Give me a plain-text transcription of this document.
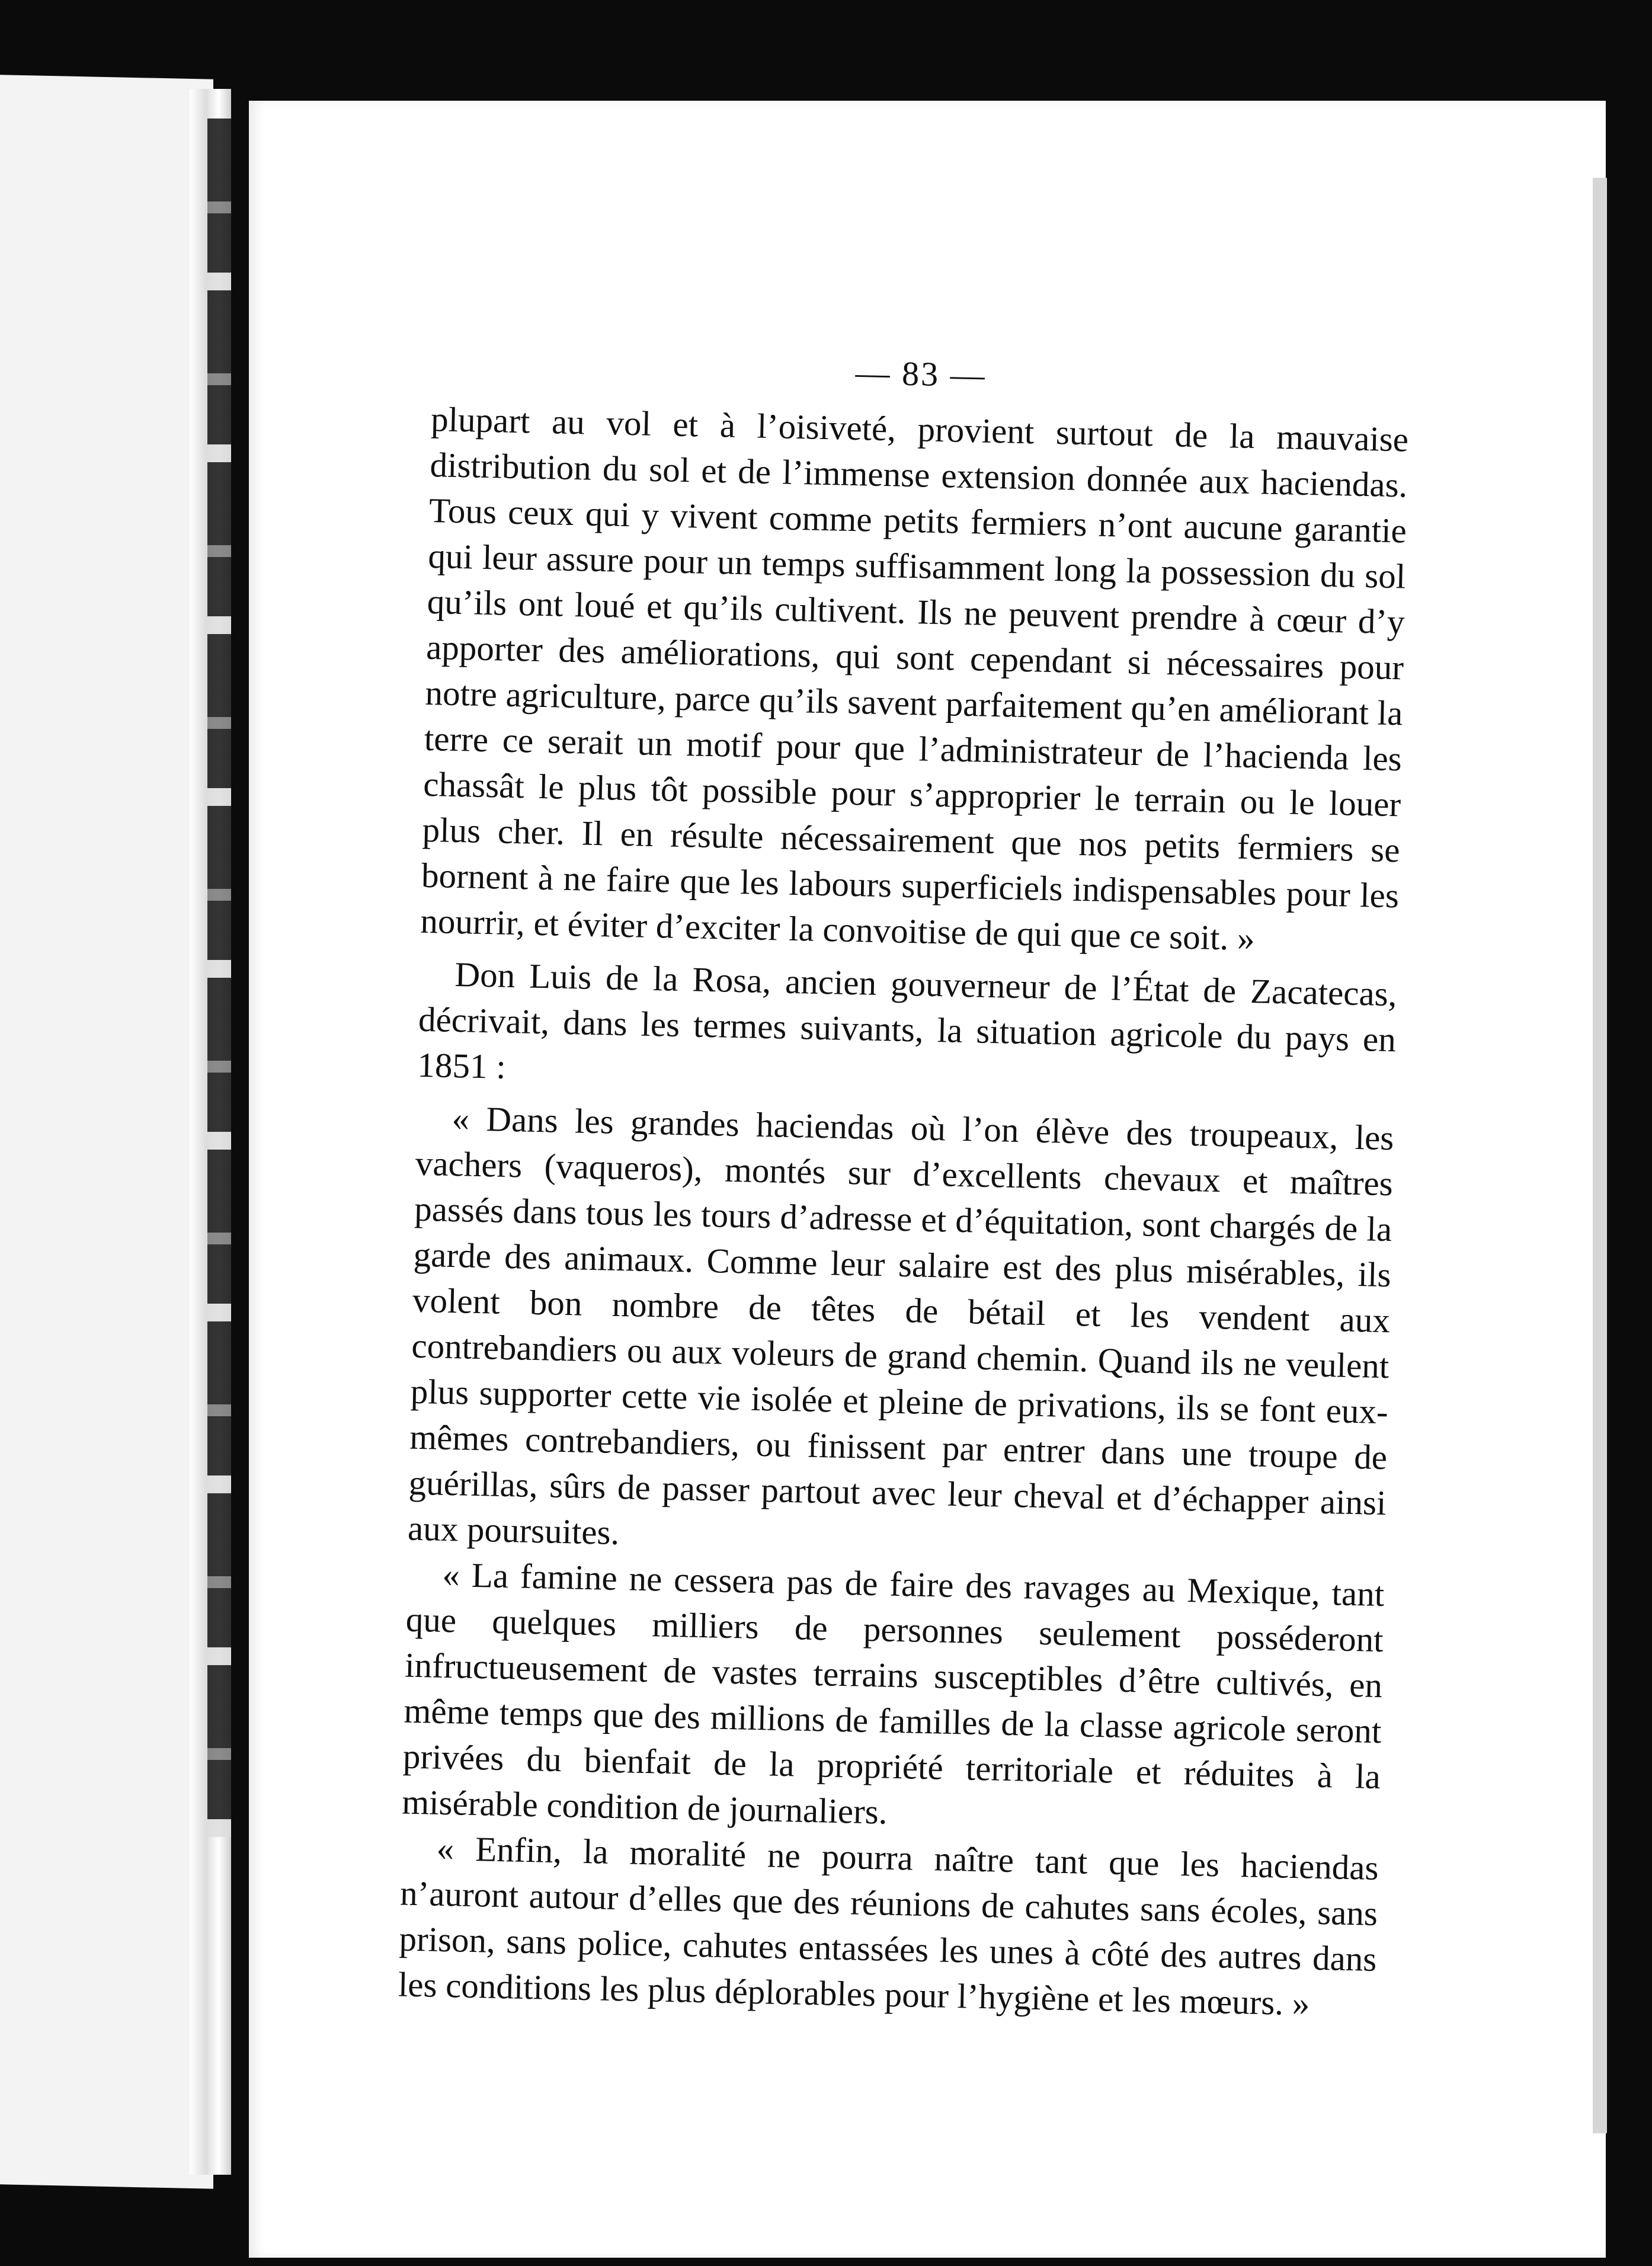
— 83 —

plupart au vol et à l’oisiveté, provient surtout de la mauvaise distribution du sol et de l’immense extension donnée aux haciendas. Tous ceux qui y vivent comme petits fermiers n’ont aucune garantie qui leur assure pour un temps suffisamment long la possession du sol qu’ils ont loué et qu’ils cultivent. Ils ne peuvent prendre à cœur d’y apporter des améliorations, qui sont cependant si nécessaires pour notre agriculture, parce qu’ils savent parfaitement qu’en améliorant la terre ce serait un motif pour que l’administrateur de l’hacienda les chassât le plus tôt possible pour s’approprier le terrain ou le louer plus cher. Il en résulte nécessairement que nos petits fermiers se bornent à ne faire que les labours superficiels indispensables pour les nourrir, et éviter d’exciter la convoitise de qui que ce soit. »

Don Luis de la Rosa, ancien gouverneur de l’État de Zacatecas, décrivait, dans les termes suivants, la situation agricole du pays en 1851 :

« Dans les grandes haciendas où l’on élève des troupeaux, les vachers (vaqueros), montés sur d’excellents chevaux et maîtres passés dans tous les tours d’adresse et d’équitation, sont chargés de la garde des animaux. Comme leur salaire est des plus misérables, ils volent bon nombre de têtes de bétail et les vendent aux contrebandiers ou aux voleurs de grand chemin. Quand ils ne veulent plus supporter cette vie isolée et pleine de privations, ils se font eux-mêmes contrebandiers, ou finissent par entrer dans une troupe de guérillas, sûrs de passer partout avec leur cheval et d’échapper ainsi aux poursuites.

« La famine ne cessera pas de faire des ravages au Mexique, tant que quelques milliers de personnes seulement posséderont infructueusement de vastes terrains susceptibles d’être cultivés, en même temps que des millions de familles de la classe agricole seront privées du bienfait de la propriété territoriale et réduites à la misérable condition de journaliers.

« Enfin, la moralité ne pourra naître tant que les haciendas n’auront autour d’elles que des réunions de cahutes sans écoles, sans prison, sans police, cahutes entassées les unes à côté des autres dans les conditions les plus déplorables pour l’hygiène et les mœurs. »
